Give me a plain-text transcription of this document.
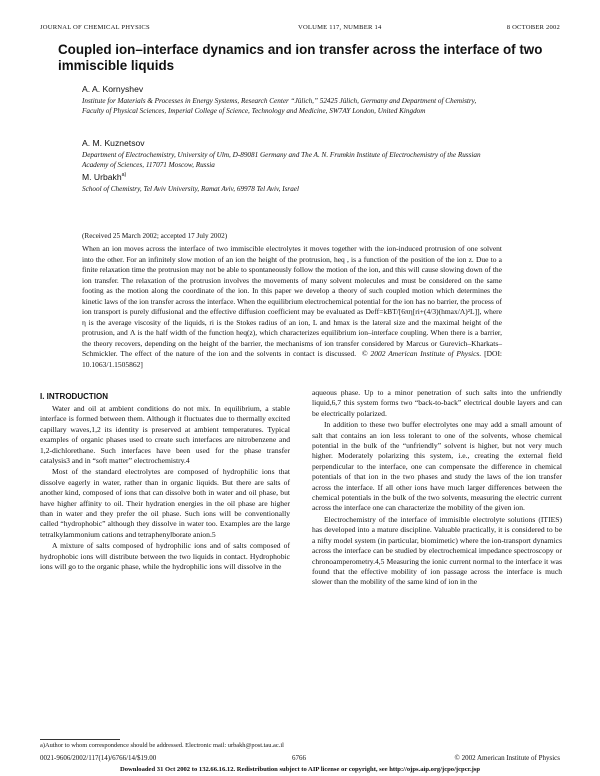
JOURNAL OF CHEMICAL PHYSICS	VOLUME 117, NUMBER 14	8 OCTOBER 2002
Coupled ion–interface dynamics and ion transfer across the interface of two immiscible liquids
A. A. Kornyshev
Institute for Materials & Processes in Energy Systems, Research Center “Jülich,” 52425 Jülich, Germany and Department of Chemistry, Faculty of Physical Sciences, Imperial College of Science, Technology and Medicine, SW7AY London, United Kingdom
A. M. Kuznetsov
Department of Electrochemistry, University of Ulm, D-89081 Germany and The A. N. Frumkin Institute of Electrochemistry of the Russian Academy of Sciences, 117071 Moscow, Russia
M. Urbakh$^{a)}$
School of Chemistry, Tel Aviv University, Ramat Aviv, 69978 Tel Aviv, Israel
(Received 25 March 2002; accepted 17 July 2002)

When an ion moves across the interface of two immiscible electrolytes it moves together with the ion-induced protrusion of one solvent into the other. For an infinitely slow motion of an ion the height of the protrusion, heq , is a function of the position of the ion z. Due to a finite relaxation time the protrusion may not be able to spontaneously follow the motion of the ion, and this will cause slowing down of the ion transfer. The relaxation of the protrusion involves the movements of many solvent molecules and must be considered on the same footing as the motion along the coordinate of the ion. In this paper we develop a theory of such coupled motion which determines the kinetic laws of the ion transfer across the interface. When the equilibrium electrochemical potential for the ion has no barrier, the process of ion transport is purely diffusional and the effective diffusion coefficient may be evaluated as Deff=kBT/[6πη[ri+(4/3)(hmax/Λ)²L]], where η is the average viscosity of the liquids, ri is the Stokes radius of an ion, L and hmax is the lateral size and the maximal height of the protrusion, and Λ is the half width of the function heq(z), which characterizes equilibrium ion–interface coupling. When there is a barrier, the theory recovers, depending on the height of the barrier, the mechanisms of ion transfer considered by Marcus or Gurevich–Kharkats–Schmickler. The effect of the nature of the ion and the solvents in contact is discussed. © 2002 American Institute of Physics. [DOI: 10.1063/1.1505862]

I. INTRODUCTION

Water and oil at ambient conditions do not mix. In equilibrium, a stable interface is formed between them. Although it fluctuates due to thermally excited capillary waves,1,2 its identity is preserved at ambient temperatures. Typical examples of organic phases used to create such interfaces are nitrobenzene and 1,2-dichlorethane. Such interfaces have been used for the phase transfer catalysis3 and in “soft matter” electrochemistry.4

Most of the standard electrolytes are composed of hydrophilic ions that dissolve eagerly in water, rather than in organic liquids. But there are salts of another kind, composed of ions that can dissolve both in water and oil phase, but have higher affinity to oil. Their hydration energies in the oil phase are higher than in water and they prefer the oil phase. Such ions will be conventionally called “hydrophobic” although they dissolve in water too. Examples are the large tetralkylammonium cations and tetraphenylborate anion.5

A mixture of salts composed of hydrophilic ions and of salts composed of hydrophobic ions will distribute between the two liquids in contact. Hydrophobic ions will go to the organic phase, while the hydrophilic ions will dissolve in the

aqueous phase. Up to a minor penetration of such salts into the unfriendly liquid,6,7 this system forms two “back-to-back” electrical double layers and can be electrically polarized.

In addition to these two buffer electrolytes one may add a small amount of salt that contains an ion less tolerant to one of the solvents, whose chemical potential in the bulk of the “unfriendly” solvent is higher, but not very much higher. Moderately polarizing this system, i.e., creating the external field perpendicular to the interface, one can compensate the difference in chemical potentials of that ion in the two phases and study the laws of the ion transfer across the interface. If all other ions have much larger differences between the chemical potentials in the bulk of the two solvents, measuring the electric current across the interface one can characterize the mobility of the given ion.

Electrochemistry of the interface of immisible electrolyte solutions (ITIES) has developed into a mature discipline. Valuable practically, it is considered to be a nifty model system (in particular, biomimetic) where the ion-transport dynamics across the interface can be studied by electrochemical impedance spectroscopy or chronoamperometry.4,5 Measuring the ionic current normal to the interface it was found that the effective mobility of ion passage across the interface is much slower than the mobility of the same kind of ion in the

a)Author to whom correspondence should be addressed. Electronic mail: urbakh@post.tau.ac.il
0021-9606/2002/117(14)/6766/14/$19.00	6766	© 2002 American Institute of Physics
Downloaded 31 Oct 2002 to 132.66.16.12. Redistribution subject to AIP license or copyright, see http://ojps.aip.org/jcpo/jcpcr.jsp
